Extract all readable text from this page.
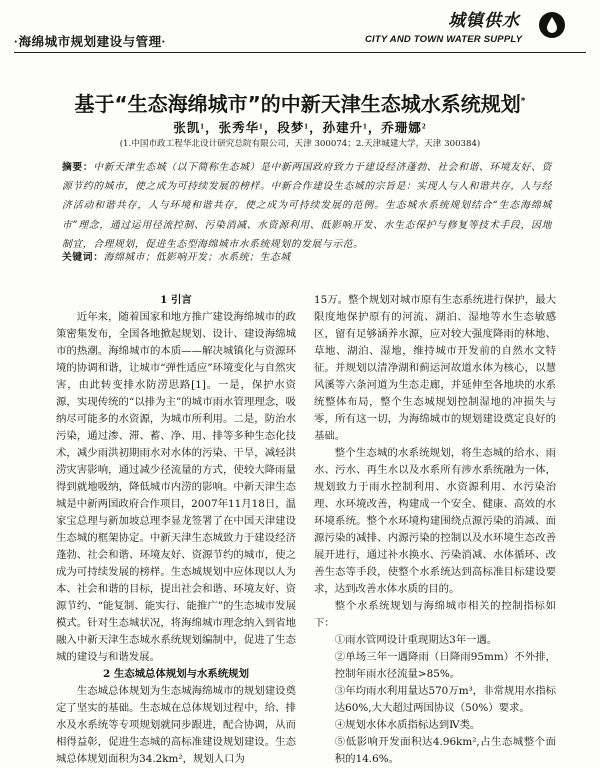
·海绵城市规划建设与管理·
城镇供水
CITY AND TOWN WATER SUPPLY
基于“生态海绵城市”的中新天津生态城水系统规划*
张凯¹，张秀华¹，段梦¹，孙建升¹，乔珊娜²
(1.中国市政工程华北设计研究总院有限公司，天津 300074；2.天津城建大学，天津 300384)
摘要：中新天津生态城（以下简称生态城）是中新两国政府致力于建设经济蓬勃、社会和谐、环境友好、资源节约的城市，使之成为可持续发展的榜样。中新合作建设生态城的宗旨是：实现人与人和谐共存，人与经济活动和谐共存，人与环境和谐共存，使之成为可持续发展的范例。生态城水系统规划结合“生态海绵城市”理念，通过运用径流控制、污染消减、水资源利用、低影响开发、水生态保护与修复等技术手段，因地制宜，合理规划，促进生态型海绵城市水系统规划的发展与示范。
关键词：海绵城市；低影响开发；水系统；生态城
1 引言

近年来，随着国家和地方推广建设海绵城市的政策密集发布，全国各地掀起规划、设计、建设海绵城市的热潮。海绵城市的本质——解决城镇化与资源环境的协调和谐，让城市“弹性适应”环境变化与自然灾害，由此转变排水防涝思路[1]。一是，保护水资源，实现传统的“以排为主”的城市雨水管理理念，吸纳尽可能多的水资源，为城市所利用。二是，防治水污染，通过渗、滞、蓄、净、用、排等多种生态化技术，减少雨洪初期雨水对水体的污染、干旱，减轻洪涝灾害影响，通过减少径流量的方式，使较大降雨量得到就地吸纳，降低城市内涝的影响。中新天津生态城是中新两国政府合作项目，2007年11月18日，温家宝总理与新加坡总理李显龙签署了在中国天津建设生态城的框架协定。中新天津生态城致力于建设经济蓬勃、社会和谐、环境友好、资源节约的城市，使之成为可持续发展的榜样。生态城规划中应体现以人为本、社会和谐的目标，提出社会和谐、环境友好、资源节约、“能复制、能实行、能推广”的生态城市发展模式。针对生态城状况，将海绵城市理念纳入到省地融入中新天津生态城水系统规划编制中，促进了生态城的建设与和谐发展。

2 生态城总体规划与水系统规划

生态城总体规划为生态城海绵城市的规划建设奠定了坚实的基础。生态城在总体规划过程中，给、排水及水系统等专项规划就同步跟进，配合协调，从而相得益彰，促进生态城的高标准建设规划建设。生态城总体规划面积为34.2km²，规划人口为

15万。整个规划对城市原有生态系统进行保护，最大限度地保护原有的河流、湖泊、湿地等水生态敏感区，留有足够涵养水源，应对较大强度降雨的林地、草地、湖泊、湿地，维持城市开发前的自然水文特征。并规划以清净湖和蓟运河故道水体为核心，以慧风溪等六条河道为生态走廊，并延伸至各地块的水系统整体布局，整个生态城规划控制湿地的冲损失与零，所有这一切，为海绵城市的规划建设奠定良好的基础。

整个生态城的水系统规划，将生态城的给水、雨水、污水、再生水以及水系所有涉水系统融为一体，规划致力于雨水控制利用、水资源利用、水污染治理、水环境改善，构建成一个安全、健康、高效的水环境系统。整个水环境构建围绕点源污染的消减、面源污染的减排、内源污染的控制以及水环境生态改善展开进行，通过补水换水、污染消减、水体循环、改善生态等手段，使整个水系统达到高标准目标建设要求，达到改善水体水质的目的。

整个水系统规划与海绵城市相关的控制指标如下：

①雨水管网设计重现期达3年一遇。

②单场三年一遇降雨（日降雨95mm）不外排，控制年雨水径流量>85%。

③年均雨水利用量达570万m³，非常规用水指标达60%,大大超过两国协议（50%）要求。

④规划水体水质指标达到Ⅳ类。

⑤低影响开发面积达4.96km²,占生态城整个面积的14.6%。
